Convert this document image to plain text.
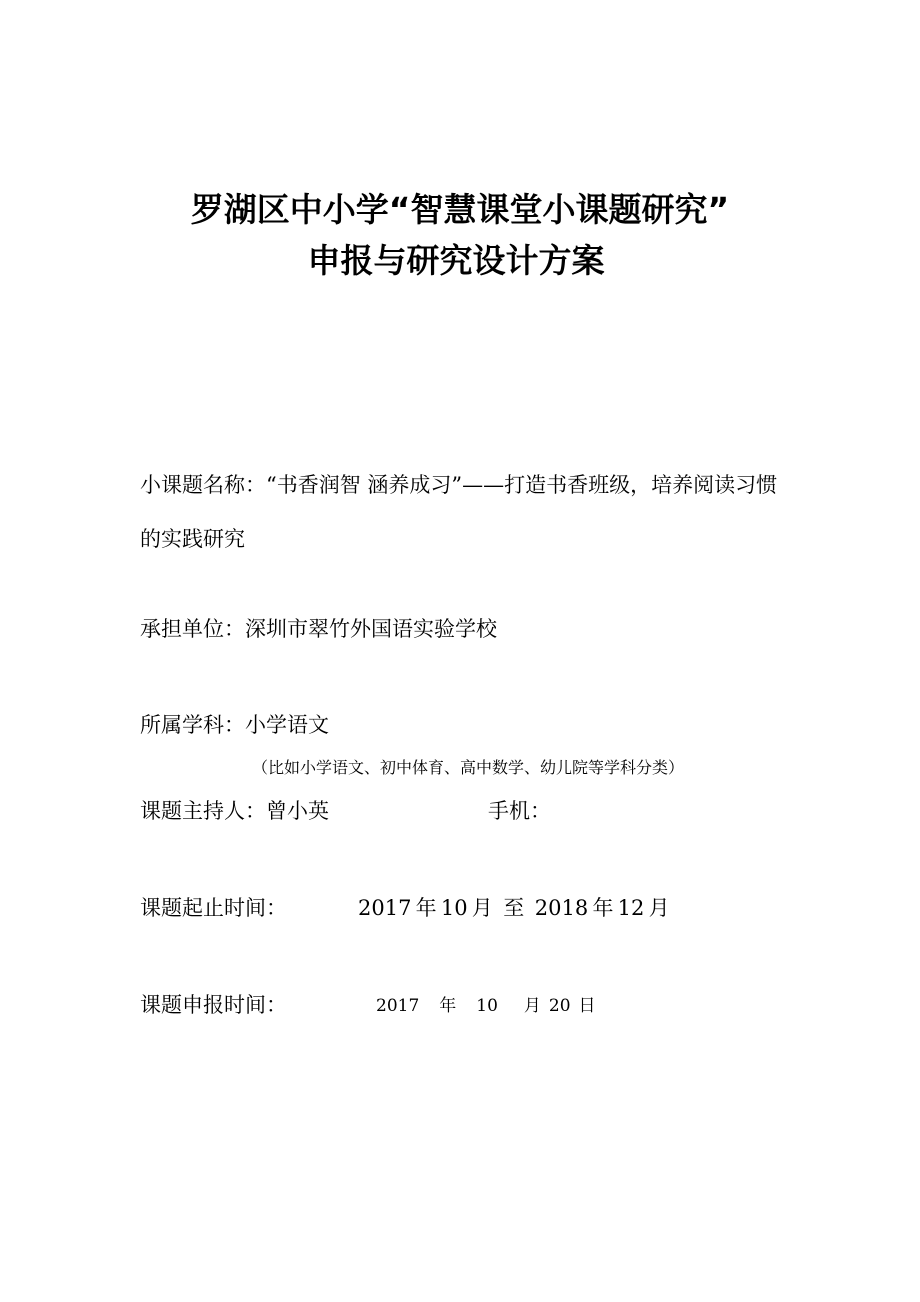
罗湖区中小学“智慧课堂小课题研究”
申报与研究设计方案
小课题名称：“书香润智 涵养成习”——打造书香班级，培养阅读习惯的实践研究
承担单位：深圳市翠竹外国语实验学校
所属学科：小学语文
（比如小学语文、初中体育、高中数学、幼儿院等学科分类）
课题主持人：曾小英	手机：
课题起止时间：	2017  年  10  月  至  2018  年  12  月
课题申报时间：	2017 年 10 月 20 日
